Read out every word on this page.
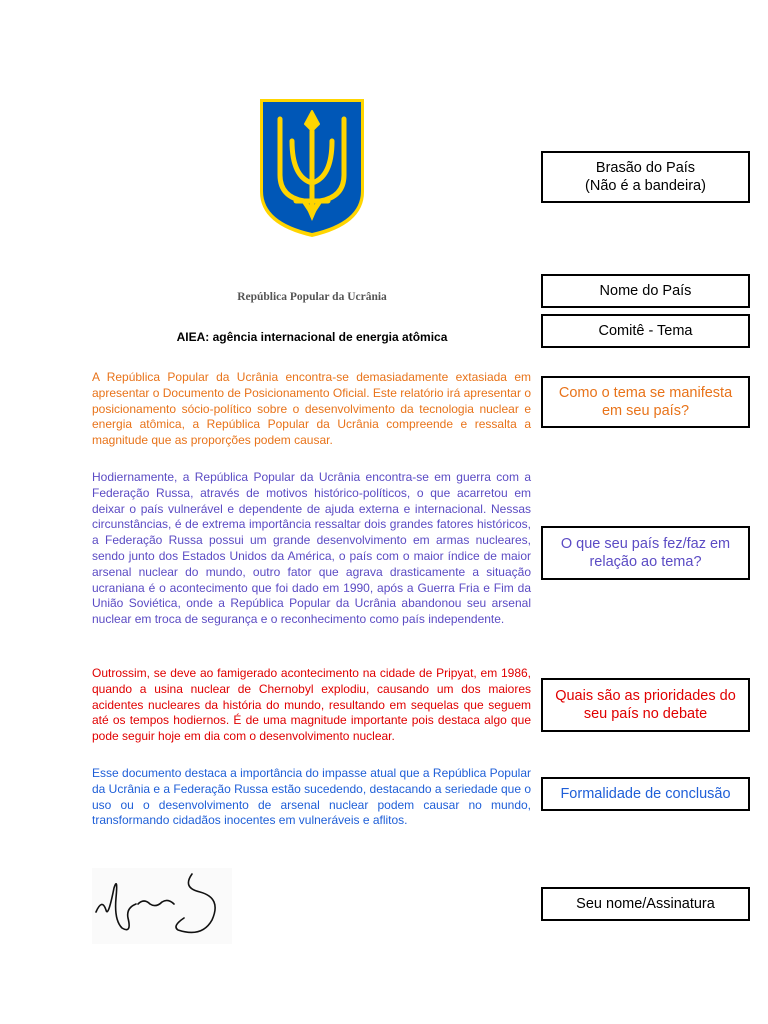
República Popular da Ucrânia
AIEA: agência internacional de energia atômica

A República Popular da Ucrânia encontra-se demasiadamente extasiada em apresentar o Documento de Posicionamento Oficial. Este relatório irá apresentar o posicionamento sócio-político sobre o desenvolvimento da tecnologia nuclear e energia atômica, a República Popular da Ucrânia compreende e ressalta a magnitude que as proporções podem causar.

Hodiernamente, a República Popular da Ucrânia encontra-se em guerra com a Federação Russa, através de motivos histórico-políticos, o que acarretou em deixar o país vulnerável e dependente de ajuda externa e internacional. Nessas circunstâncias, é de extrema importância ressaltar dois grandes fatores históricos, a Federação Russa possui um grande desenvolvimento em armas nucleares, sendo junto dos Estados Unidos da América, o país com o maior índice de maior arsenal nuclear do mundo, outro fator que agrava drasticamente a situação ucraniana é o acontecimento que foi dado em 1990, após a Guerra Fria e Fim da União Soviética, onde a República Popular da Ucrânia abandonou seu arsenal nuclear em troca de segurança e o reconhecimento como país independente.

Outrossim, se deve ao famigerado acontecimento na cidade de Pripyat, em 1986, quando a usina nuclear de Chernobyl explodiu, causando um dos maiores acidentes nucleares da história do mundo, resultando em sequelas que seguem até os tempos hodiernos. É de uma magnitude importante pois destaca algo que pode seguir hoje em dia com o desenvolvimento nuclear.

Esse documento destaca a importância do impasse atual que a República Popular da Ucrânia e a Federação Russa estão sucedendo, destacando a seriedade que o uso ou o desenvolvimento de arsenal nuclear podem causar no mundo, transformando cidadãos inocentes em vulneráveis e aflitos.

Brasão do País
(Não é a bandeira)
Nome do País
Comitê - Tema
Como o tema se manifesta em seu país?
O que seu país fez/faz em relação ao tema?
Quais são as prioridades do seu país no debate
Formalidade de conclusão
Seu nome/Assinatura
